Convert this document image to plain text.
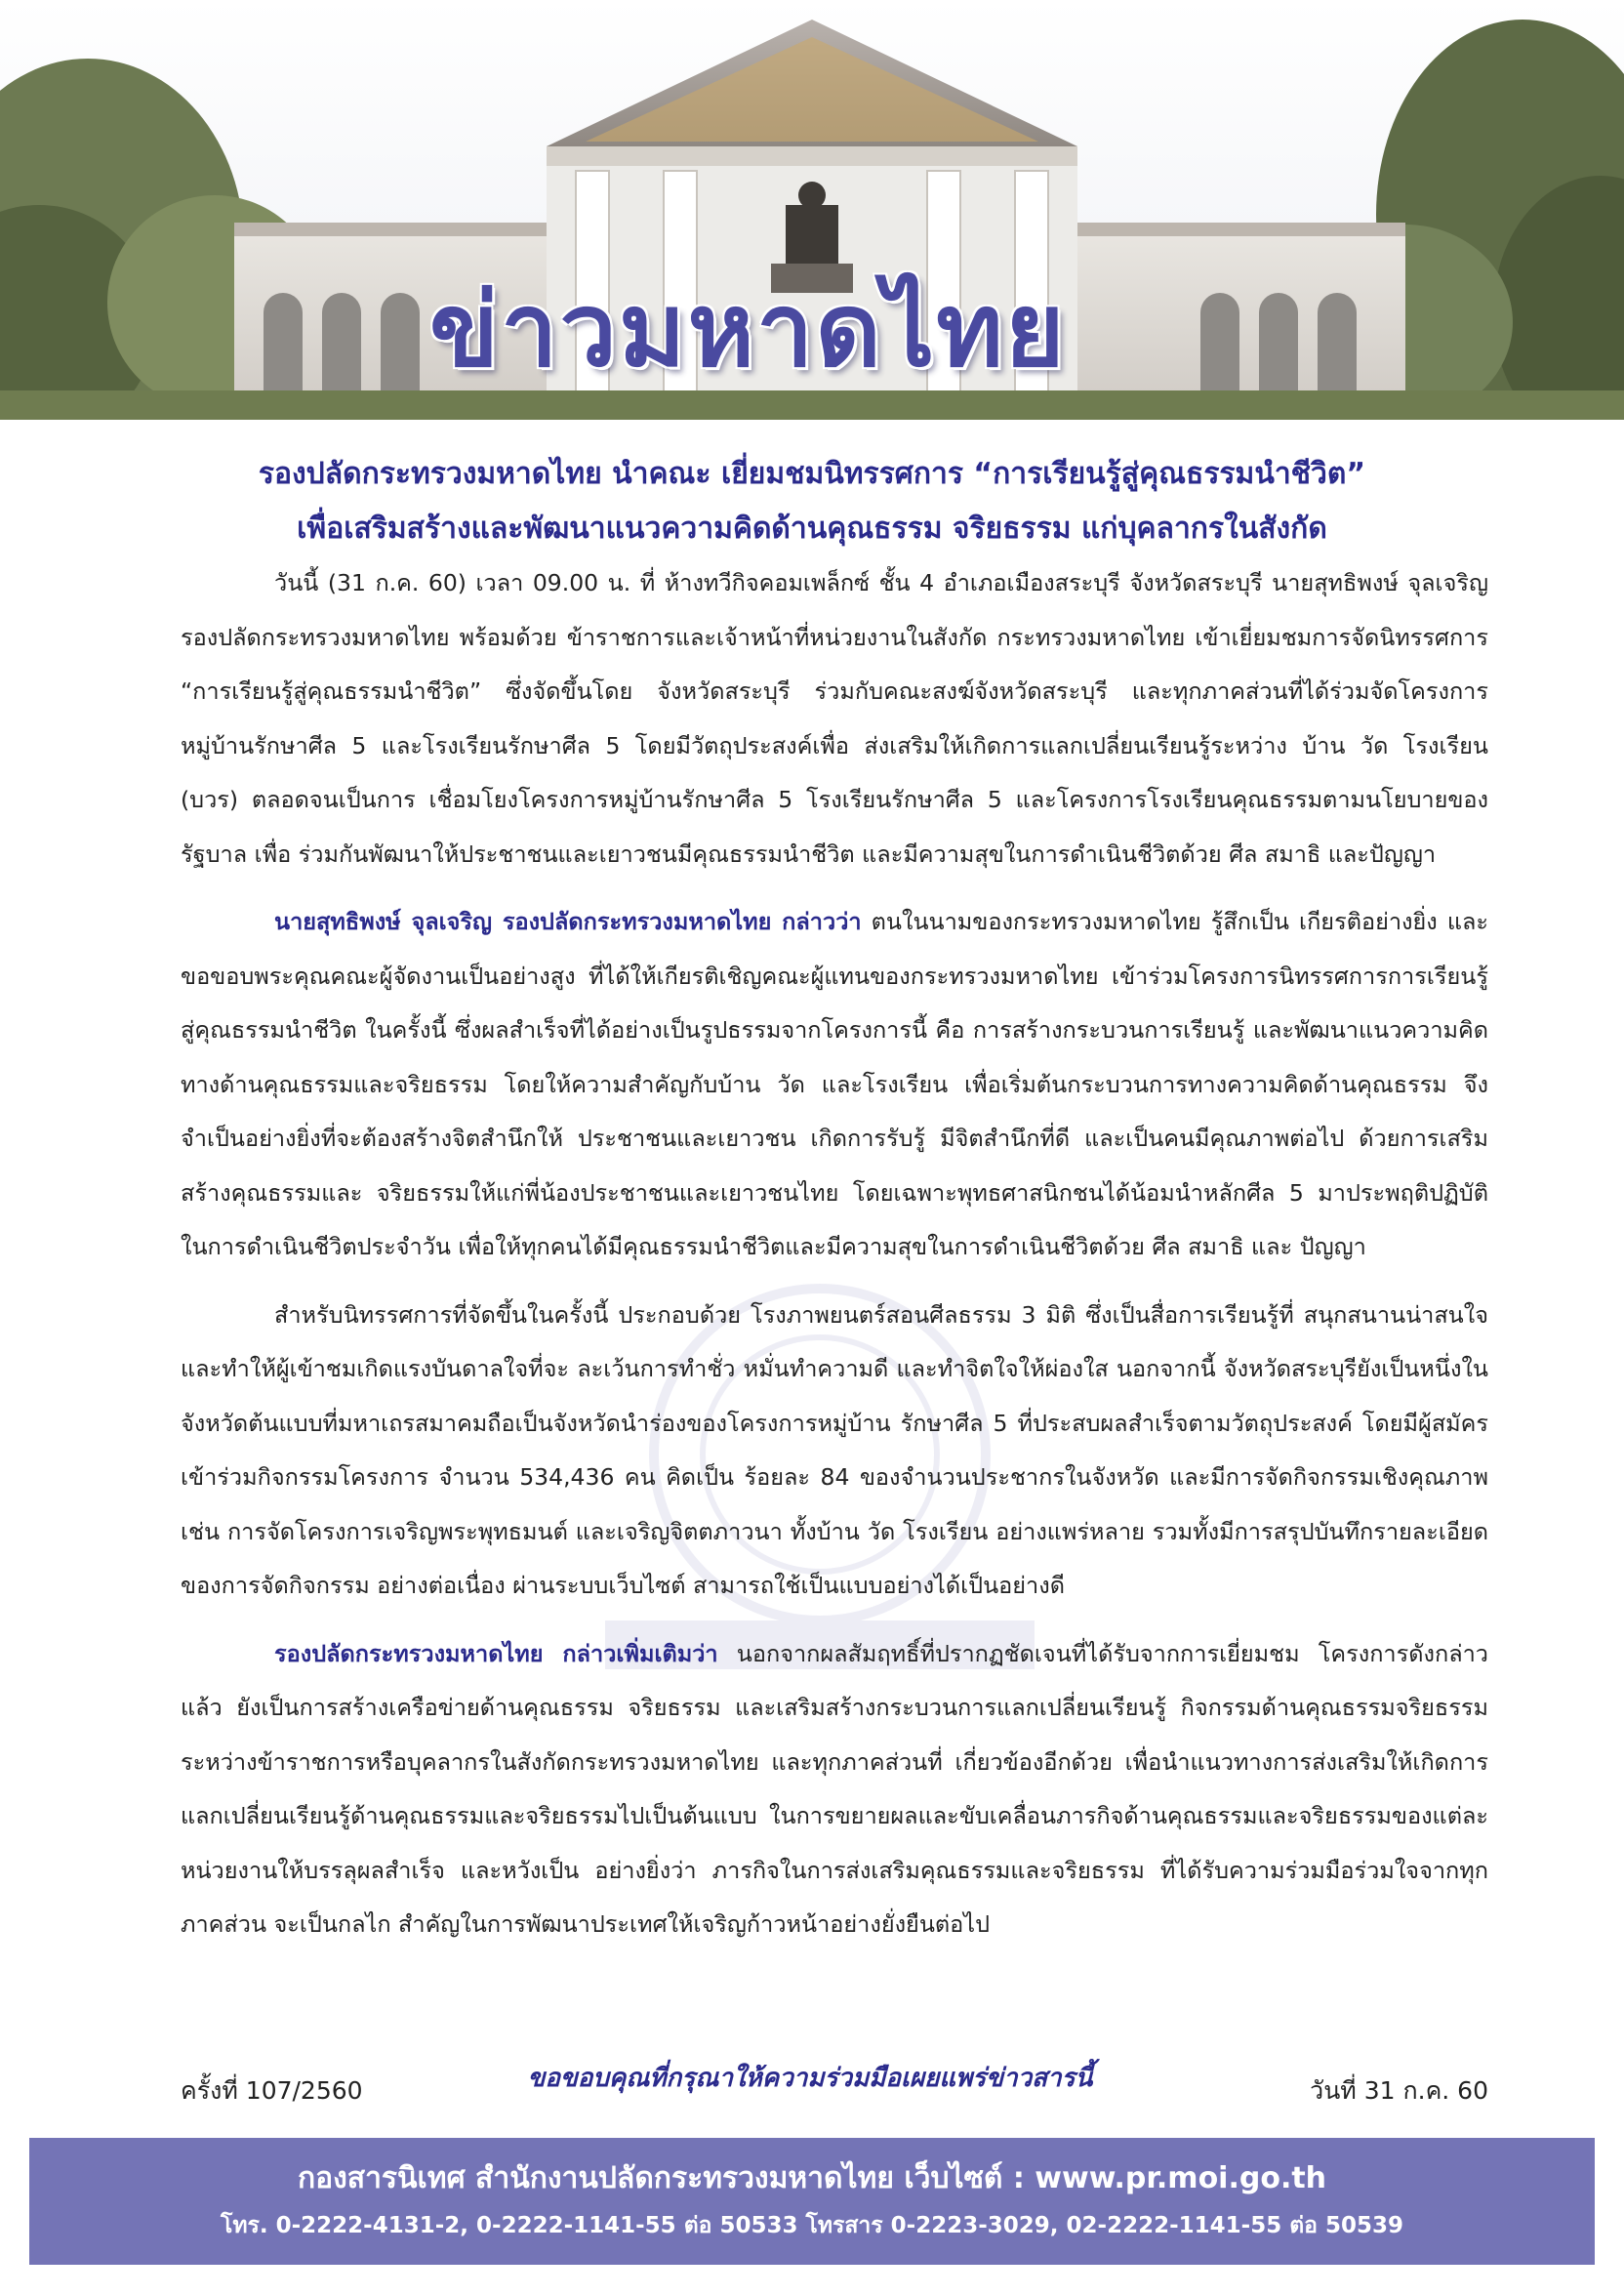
ข่าวมหาดไทย
รองปลัดกระทรวงมหาดไทย นำคณะ เยี่ยมชมนิทรรศการ “การเรียนรู้สู่คุณธรรมนำชีวิต”
เพื่อเสริมสร้างและพัฒนาแนวความคิดด้านคุณธรรม จริยธรรม แก่บุคลากรในสังกัด

วันนี้ (31 ก.ค. 60) เวลา 09.00 น. ที่ ห้างทวีกิจคอมเพล็กซ์ ชั้น 4 อำเภอเมืองสระบุรี จังหวัดสระบุรี นายสุทธิพงษ์ จุลเจริญ รองปลัดกระทรวงมหาดไทย พร้อมด้วย ข้าราชการและเจ้าหน้าที่หน่วยงานในสังกัด กระทรวงมหาดไทย เข้าเยี่ยมชมการจัดนิทรรศการ “การเรียนรู้สู่คุณธรรมนำชีวิต” ซึ่งจัดขึ้นโดย จังหวัดสระบุรี ร่วมกับคณะสงฆ์จังหวัดสระบุรี และทุกภาคส่วนที่ได้ร่วมจัดโครงการหมู่บ้านรักษาศีล 5 และโรงเรียนรักษาศีล 5 โดยมีวัตถุประสงค์เพื่อ ส่งเสริมให้เกิดการแลกเปลี่ยนเรียนรู้ระหว่าง บ้าน วัด โรงเรียน (บวร) ตลอดจนเป็นการ เชื่อมโยงโครงการหมู่บ้านรักษาศีล 5 โรงเรียนรักษาศีล 5 และโครงการโรงเรียนคุณธรรมตามนโยบายของรัฐบาล เพื่อ ร่วมกันพัฒนาให้ประชาชนและเยาวชนมีคุณธรรมนำชีวิต และมีความสุขในการดำเนินชีวิตด้วย ศีล สมาธิ และปัญญา

นายสุทธิพงษ์ จุลเจริญ รองปลัดกระทรวงมหาดไทย กล่าวว่า ตนในนามของกระทรวงมหาดไทย รู้สึกเป็น เกียรติอย่างยิ่ง และขอขอบพระคุณคณะผู้จัดงานเป็นอย่างสูง ที่ได้ให้เกียรติเชิญคณะผู้แทนของกระทรวงมหาดไทย เข้าร่วมโครงการนิทรรศการการเรียนรู้สู่คุณธรรมนำชีวิต ในครั้งนี้ ซึ่งผลสำเร็จที่ได้อย่างเป็นรูปธรรมจากโครงการนี้ คือ การสร้างกระบวนการเรียนรู้ และพัฒนาแนวความคิดทางด้านคุณธรรมและจริยธรรม โดยให้ความสำคัญกับบ้าน วัด และโรงเรียน เพื่อเริ่มต้นกระบวนการทางความคิดด้านคุณธรรม จึงจำเป็นอย่างยิ่งที่จะต้องสร้างจิตสำนึกให้ ประชาชนและเยาวชน เกิดการรับรู้ มีจิตสำนึกที่ดี และเป็นคนมีคุณภาพต่อไป ด้วยการเสริมสร้างคุณธรรมและ จริยธรรมให้แก่พี่น้องประชาชนและเยาวชนไทย โดยเฉพาะพุทธศาสนิกชนได้น้อมนำหลักศีล 5 มาประพฤติปฏิบัติ ในการดำเนินชีวิตประจำวัน เพื่อให้ทุกคนได้มีคุณธรรมนำชีวิตและมีความสุขในการดำเนินชีวิตด้วย ศีล สมาธิ และ ปัญญา

สำหรับนิทรรศการที่จัดขึ้นในครั้งนี้ ประกอบด้วย โรงภาพยนตร์สอนศีลธรรม 3 มิติ ซึ่งเป็นสื่อการเรียนรู้ที่ สนุกสนานน่าสนใจ และทำให้ผู้เข้าชมเกิดแรงบันดาลใจที่จะ ละเว้นการทำชั่ว หมั่นทำความดี และทำจิตใจให้ผ่องใส นอกจากนี้ จังหวัดสระบุรียังเป็นหนึ่งในจังหวัดต้นแบบที่มหาเถรสมาคมถือเป็นจังหวัดนำร่องของโครงการหมู่บ้าน รักษาศีล 5 ที่ประสบผลสำเร็จตามวัตถุประสงค์ โดยมีผู้สมัครเข้าร่วมกิจกรรมโครงการ จำนวน 534,436 คน คิดเป็น ร้อยละ 84 ของจำนวนประชากรในจังหวัด และมีการจัดกิจกรรมเชิงคุณภาพ เช่น การจัดโครงการเจริญพระพุทธมนต์ และเจริญจิตตภาวนา ทั้งบ้าน วัด โรงเรียน อย่างแพร่หลาย รวมทั้งมีการสรุปบันทึกรายละเอียดของการจัดกิจกรรม อย่างต่อเนื่อง ผ่านระบบเว็บไซต์ สามารถใช้เป็นแบบอย่างได้เป็นอย่างดี

รองปลัดกระทรวงมหาดไทย กล่าวเพิ่มเติมว่า นอกจากผลสัมฤทธิ์ที่ปรากฏชัดเจนที่ได้รับจากการเยี่ยมชม โครงการดังกล่าวแล้ว ยังเป็นการสร้างเครือข่ายด้านคุณธรรม จริยธรรม และเสริมสร้างกระบวนการแลกเปลี่ยนเรียนรู้ กิจกรรมด้านคุณธรรมจริยธรรมระหว่างข้าราชการหรือบุคลากรในสังกัดกระทรวงมหาดไทย และทุกภาคส่วนที่ เกี่ยวข้องอีกด้วย เพื่อนำแนวทางการส่งเสริมให้เกิดการแลกเปลี่ยนเรียนรู้ด้านคุณธรรมและจริยธรรมไปเป็นต้นแบบ ในการขยายผลและขับเคลื่อนภารกิจด้านคุณธรรมและจริยธรรมของแต่ละหน่วยงานให้บรรลุผลสำเร็จ และหวังเป็น อย่างยิ่งว่า ภารกิจในการส่งเสริมคุณธรรมและจริยธรรม ที่ได้รับความร่วมมือร่วมใจจากทุกภาคส่วน จะเป็นกลไก สำคัญในการพัฒนาประเทศให้เจริญก้าวหน้าอย่างยั่งยืนต่อไป

ครั้งที่ 107/2560	ขอขอบคุณที่กรุณาให้ความร่วมมือเผยแพร่ข่าวสารนี้	วันที่ 31 ก.ค. 60
กองสารนิเทศ สำนักงานปลัดกระทรวงมหาดไทย เว็บไซต์ : www.pr.moi.go.th
โทร. 0-2222-4131-2, 0-2222-1141-55 ต่อ 50533 โทรสาร 0-2223-3029, 02-2222-1141-55 ต่อ 50539
